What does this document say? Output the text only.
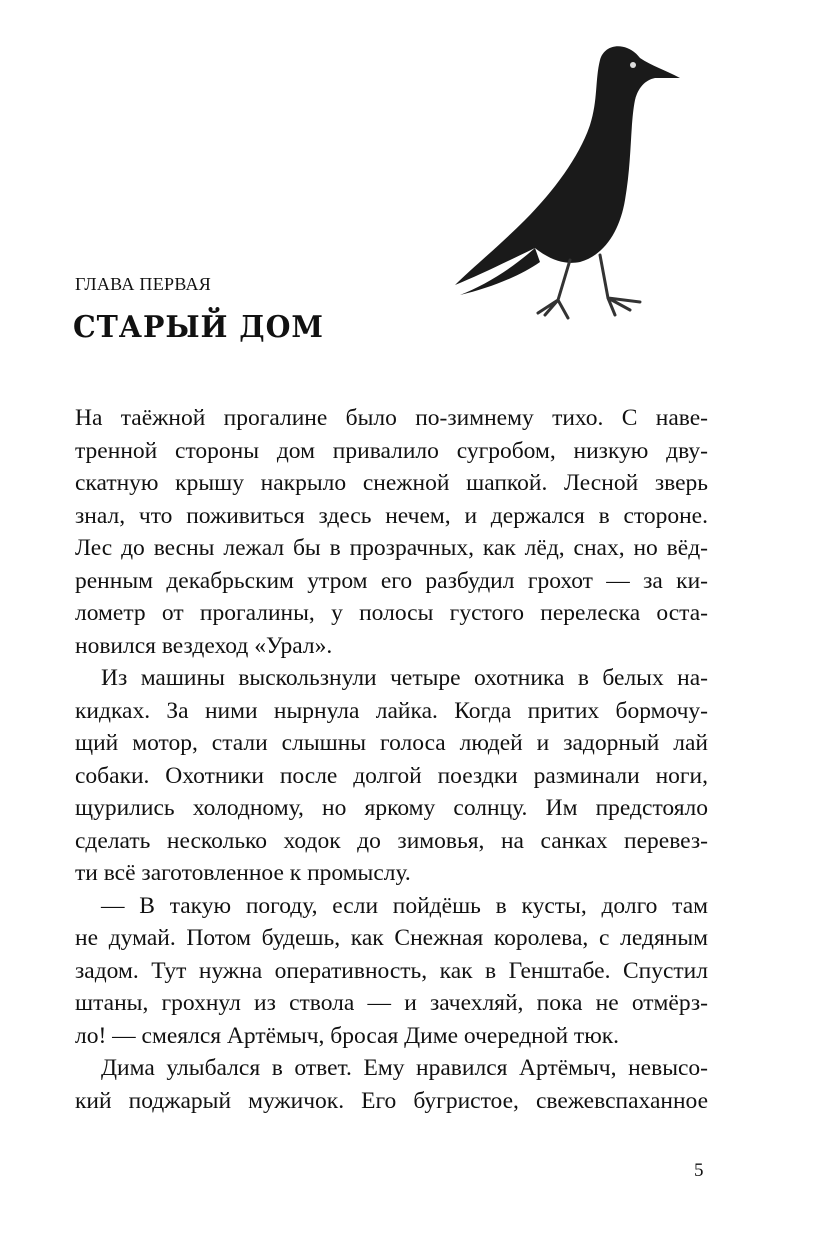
ГЛАВА ПЕРВАЯ
СТАРЫЙ ДОМ
На таёжной прогалине было по-зимнему тихо. С наве-
тренной стороны дом привалило сугробом, низкую дву-
скатную крышу накрыло снежной шапкой. Лесной зверь
знал, что поживиться здесь нечем, и держался в стороне.
Лес до весны лежал бы в прозрачных, как лёд, снах, но вёд-
ренным декабрьским утром его разбудил грохот — за ки-
лометр от прогалины, у полосы густого перелеска оста-
новился вездеход «Урал».
Из машины выскользнули четыре охотника в белых на-
кидках. За ними нырнула лайка. Когда притих бормочу-
щий мотор, стали слышны голоса людей и задорный лай
собаки. Охотники после долгой поездки разминали ноги,
щурились холодному, но яркому солнцу. Им предстояло
сделать несколько ходок до зимовья, на санках перевез-
ти всё заготовленное к промыслу.
— В такую погоду, если пойдёшь в кусты, долго там
не думай. Потом будешь, как Снежная королева, с ледяным
задом. Тут нужна оперативность, как в Генштабе. Спустил
штаны, грохнул из ствола — и зачехляй, пока не отмёрз-
ло! — смеялся Артёмыч, бросая Диме очередной тюк.
Дима улыбался в ответ. Ему нравился Артёмыч, невысо-
кий поджарый мужичок. Его бугристое, свежевспаханное
5
